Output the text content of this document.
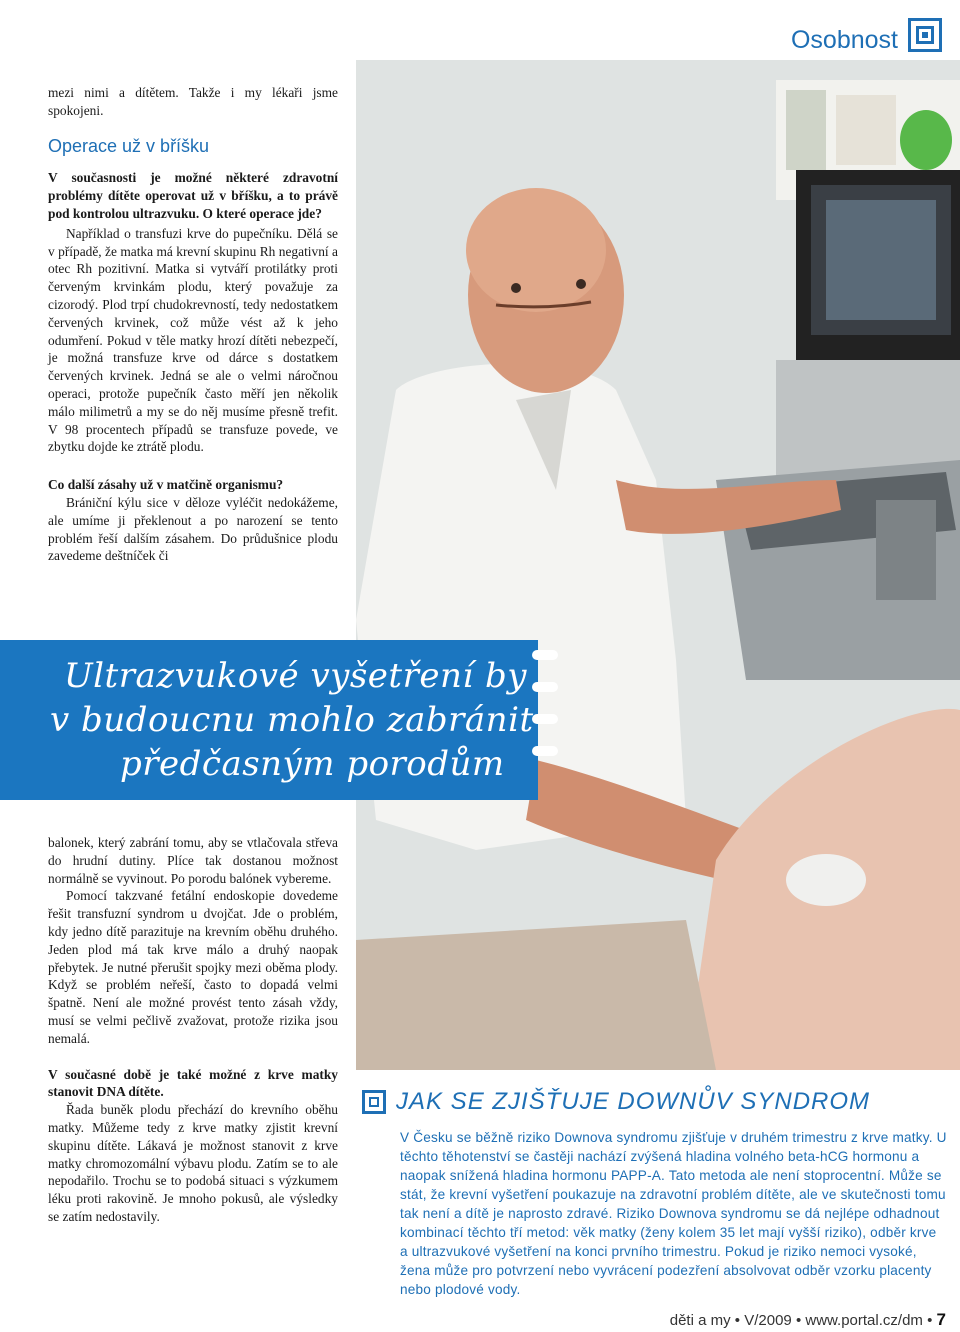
Osobnost

mezi nimi a dítětem. Takže i my lékaři jsme spokojeni.

Operace už v bříšku

V současnosti je možné některé zdravotní problémy dítěte operovat už v bříšku, a to právě pod kontrolou ultrazvuku. O které operace jde?

Například o transfuzi krve do pupečníku. Dělá se v případě, že matka má krevní skupinu Rh negativní a otec Rh pozitivní. Matka si vytváří protilátky proti červeným krvinkám plodu, který považuje za cizorodý. Plod trpí chudokrevností, tedy nedostatkem červených krvinek, což může vést až k jeho odumření. Pokud v těle matky hrozí dítěti nebezpečí, je možná transfuze krve od dárce s dostatkem červených krvinek. Jedná se ale o velmi náročnou operaci, protože pupečník často měří jen několik málo milimetrů a my se do něj musíme přesně trefit. V 98 procentech případů se transfuze povede, ve zbytku dojde ke ztrátě plodu.

Co další zásahy už v matčině organismu?

Brániční kýlu sice v děloze vyléčit nedokážeme, ale umíme ji překlenout a po narození se tento problém řeší dalším zásahem. Do průdušnice plodu zavedeme deštníček či

Ultrazvukové vyšetření by
v budoucnu mohlo zabránit
předčasným porodům

balonek, který zabrání tomu, aby se vtlačovala střeva do hrudní dutiny. Plíce tak dostanou možnost normálně se vyvinout. Po porodu balónek vybereme.

Pomocí takzvané fetální endoskopie dovedeme řešit transfuzní syndrom u dvojčat. Jde o problém, kdy jedno dítě parazituje na krevním oběhu druhého. Jeden plod má tak krve málo a druhý naopak přebytek. Je nutné přerušit spojky mezi oběma plody. Když se problém neřeší, často to dopadá velmi špatně. Není ale možné provést tento zásah vždy, musí se velmi pečlivě zvažovat, protože rizika jsou nemalá.

V současné době je také možné z krve matky stanovit DNA dítěte.

Řada buněk plodu přechází do krevního oběhu matky. Můžeme tedy z krve matky zjistit krevní skupinu dítěte. Lákavá je možnost stanovit z krve matky chromozomální výbavu plodu. Zatím se to ale nepodařilo. Trochu se to podobá situaci s výzkumem léku proti rakovině. Je mnoho pokusů, ale výsledky se zatím nedostavily.

JAK SE ZJIŠŤUJE DOWNŮV SYNDROM
V Česku se běžně riziko Downova syndromu zjišťuje v druhém trimestru z krve matky. U těchto těhotenství se častěji nachází zvýšená hladina volného beta-hCG hormonu a naopak snížená hladina hormonu PAPP-A. Tato metoda ale není stoprocentní. Může se stát, že krevní vyšetření poukazuje na zdravotní problém dítěte, ale ve skutečnosti tomu tak není a dítě je naprosto zdravé. Riziko Downova syndromu se dá nejlépe odhadnout kombinací těchto tří metod: věk matky (ženy kolem 35 let mají vyšší riziko), odběr krve a ultrazvukové vyšetření na konci prvního trimestru. Pokud je riziko nemoci vysoké, žena může pro potvrzení nebo vyvrácení podezření absolvovat odběr vzorku placenty nebo plodové vody.
děti a my • V/2009 • www.portal.cz/dm • 7
